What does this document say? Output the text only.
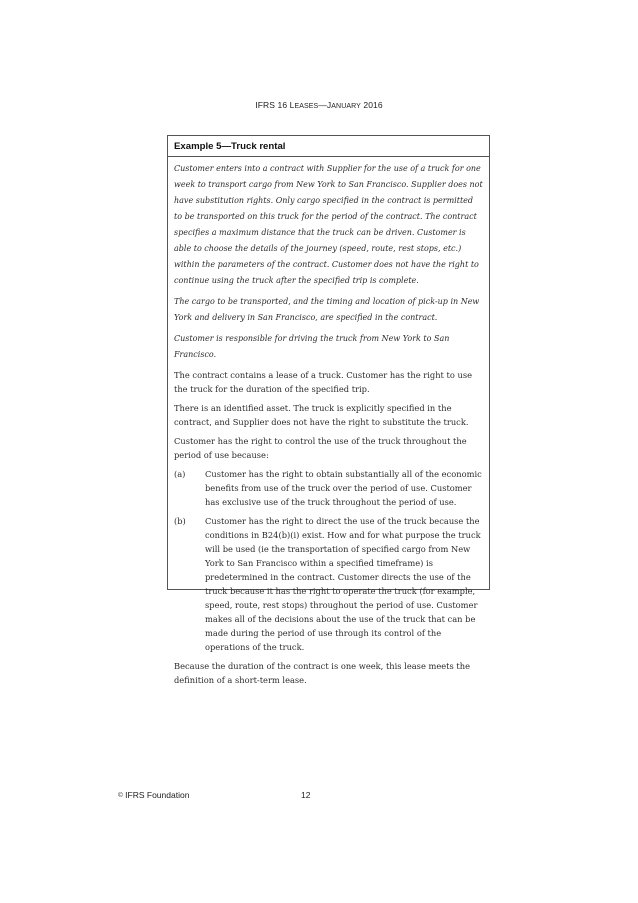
IFRS 16 LEASES—JANUARY 2016
Example 5—Truck rental

Customer enters into a contract with Supplier for the use of a truck for one week to transport cargo from New York to San Francisco. Supplier does not have substitution rights. Only cargo specified in the contract is permitted to be transported on this truck for the period of the contract. The contract specifies a maximum distance that the truck can be driven. Customer is able to choose the details of the journey (speed, route, rest stops, etc.) within the parameters of the contract. Customer does not have the right to continue using the truck after the specified trip is complete.

The cargo to be transported, and the timing and location of pick-up in New York and delivery in San Francisco, are specified in the contract.

Customer is responsible for driving the truck from New York to San Francisco.

The contract contains a lease of a truck. Customer has the right to use the truck for the duration of the specified trip.

There is an identified asset. The truck is explicitly specified in the contract, and Supplier does not have the right to substitute the truck.

Customer has the right to control the use of the truck throughout the period of use because:

(a)	Customer has the right to obtain substantially all of the economic benefits from use of the truck over the period of use. Customer has exclusive use of the truck throughout the period of use.
(b)	Customer has the right to direct the use of the truck because the conditions in B24(b)(i) exist. How and for what purpose the truck will be used (ie the transportation of specified cargo from New York to San Francisco within a specified timeframe) is predetermined in the contract. Customer directs the use of the truck because it has the right to operate the truck (for example, speed, route, rest stops) throughout the period of use. Customer makes all of the decisions about the use of the truck that can be made during the period of use through its control of the operations of the truck.

Because the duration of the contract is one week, this lease meets the definition of a short-term lease.

© IFRS Foundation	12
